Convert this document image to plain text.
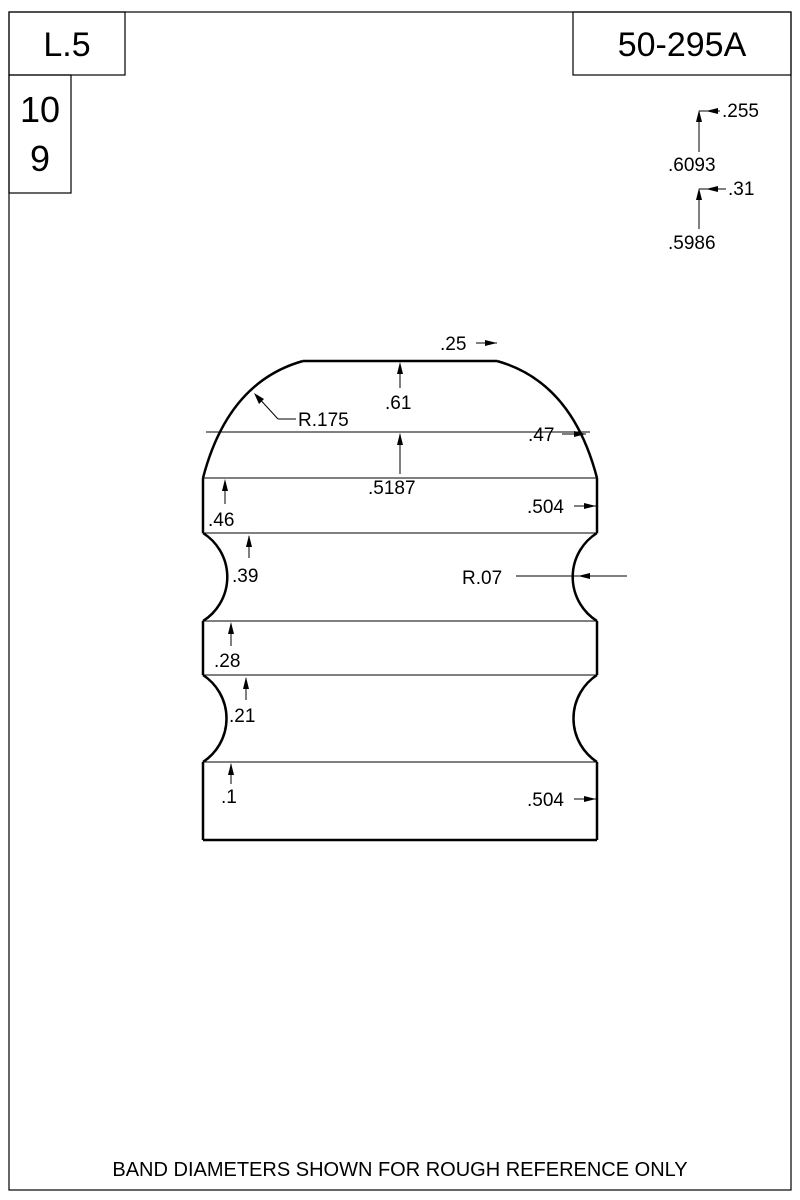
L.5	50-295A
10
9
.255
.6093
.31
.5986
.25
.61
R.175
.47
.5187
.46
.504
.39	R.07
.28
.21
.1	.504
BAND DIAMETERS SHOWN FOR ROUGH REFERENCE ONLY
